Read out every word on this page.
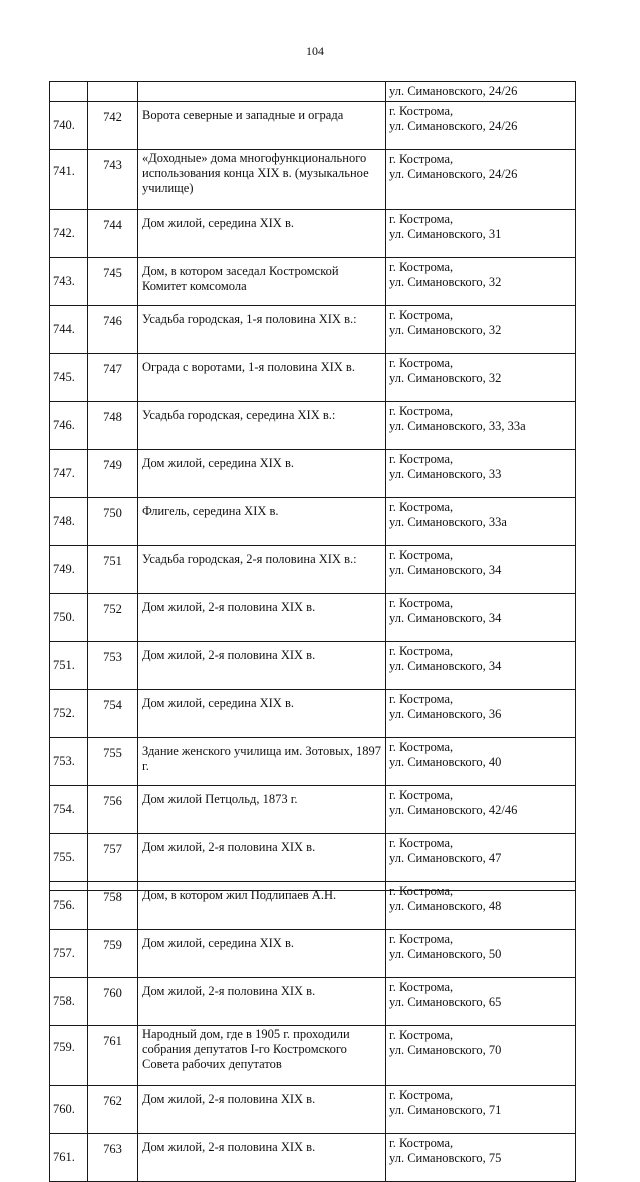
104

			ул. Симановского, 24/26

740.	742	Ворота северные и западные и ограда	г. Кострома,
ул. Симановского, 24/26

741.	743	«Доходные» дома многофункционального использования конца XIX в. (музыкальное училище)	г. Кострома,
ул. Симановского, 24/26

742.	744	Дом жилой, середина XIX в.	г. Кострома,
ул. Симановского, 31

743.	745	Дом, в котором заседал Костромской Комитет комсомола	г. Кострома,
ул. Симановского, 32

744.	746	Усадьба городская, 1-я половина XIX в.:	г. Кострома,
ул. Симановского, 32

745.	747	Ограда с воротами, 1-я половина XIX в.	г. Кострома,
ул. Симановского, 32

746.	748	Усадьба городская, середина XIX в.:	г. Кострома,
ул. Симановского, 33, 33а

747.	749	Дом жилой, середина XIX в.	г. Кострома,
ул. Симановского, 33

748.	750	Флигель, середина XIX в.	г. Кострома,
ул. Симановского, 33а

749.	751	Усадьба городская, 2-я половина XIX в.:	г. Кострома,
ул. Симановского, 34

750.	752	Дом жилой, 2-я половина XIX в.	г. Кострома,
ул. Симановского, 34

751.	753	Дом жилой, 2-я половина XIX в.	г. Кострома,
ул. Симановского, 34

752.	754	Дом жилой, середина XIX в.	г. Кострома,
ул. Симановского, 36

753.	755	Здание женского училища им. Зотовых, 1897 г.	г. Кострома,
ул. Симановского, 40

754.	756	Дом жилой Петцольд, 1873 г.	г. Кострома,
ул. Симановского, 42/46

755.	757	Дом жилой, 2-я половина XIX в.	г. Кострома,
ул. Симановского, 47

756.	758	Дом, в котором жил Подлипаев А.Н.	г. Кострома,
ул. Симановского, 48

757.	759	Дом жилой, середина XIX в.	г. Кострома,
ул. Симановского, 50

758.	760	Дом жилой, 2-я половина XIX в.	г. Кострома,
ул. Симановского, 65

759.	761	Народный дом, где в 1905 г. проходили собрания депутатов I-го Костромского Совета рабочих депутатов	г. Кострома,
ул. Симановского, 70

760.	762	Дом жилой, 2-я половина XIX в.	г. Кострома,
ул. Симановского, 71

761.	763	Дом жилой, 2-я половина XIX в.	г. Кострома,
ул. Симановского, 75
